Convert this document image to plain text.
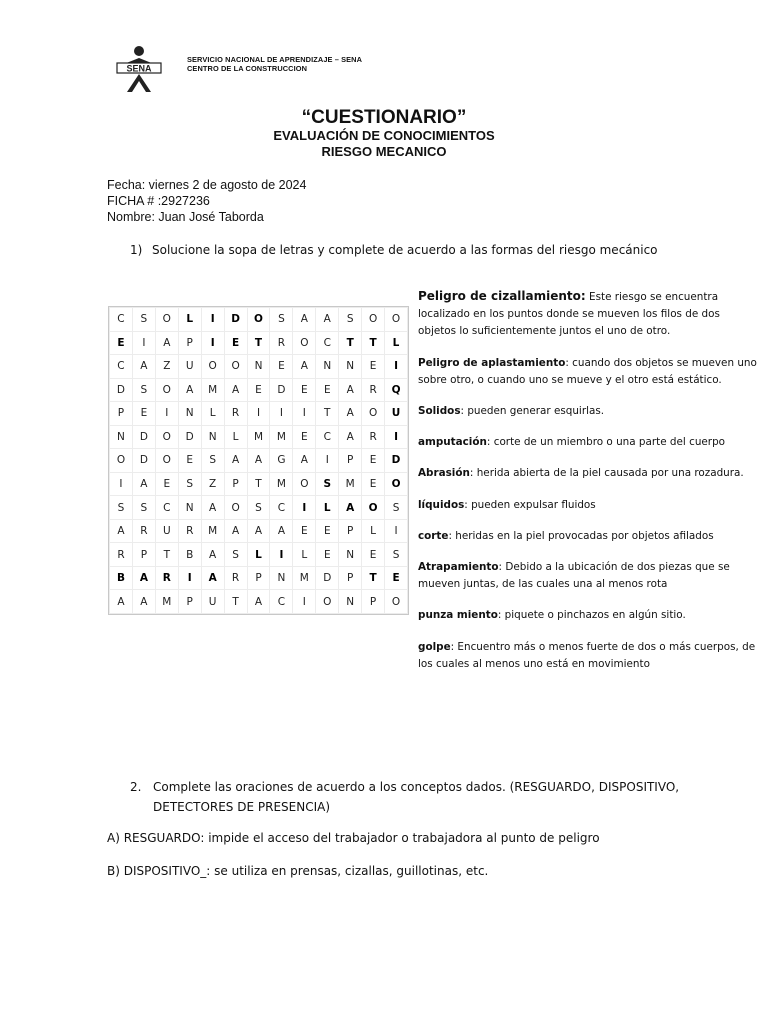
SENA
SERVICIO NACIONAL DE APRENDIZAJE – SENA
CENTRO DE LA CONSTRUCCION
“CUESTIONARIO”
EVALUACIÓN DE CONOCIMIENTOS
RIESGO MECANICO
Fecha: viernes 2 de agosto de 2024
FICHA # :2927236
Nombre: Juan José Taborda
1) Solucione la sopa de letras y complete de acuerdo a las formas del riesgo mecánico
C	S	O	L	I	D	O	S	A	A	S	O	O
E	I	A	P	I	E	T	R	O	C	T	T	L
C	A	Z	U	O	O	N	E	A	N	N	E	I
D	S	O	A	M	A	E	D	E	E	A	R	Q
P	E	I	N	L	R	I	I	I	T	A	O	U
N	D	O	D	N	L	M	M	E	C	A	R	I
O	D	O	E	S	A	A	G	A	I	P	E	D
I	A	E	S	Z	P	T	M	O	S	M	E	O
S	S	C	N	A	O	S	C	I	L	A	O	S
A	R	U	R	M	A	A	A	E	E	P	L	I
R	P	T	B	A	S	L	I	L	E	N	E	S
B	A	R	I	A	R	P	N	M	D	P	T	E
A	A	M	P	U	T	A	C	I	O	N	P	O

Peligro de cizallamiento: Este riesgo se encuentra localizado en los puntos donde se mueven los filos de dos objetos lo suficientemente juntos el uno de otro.

Peligro de aplastamiento: cuando dos objetos se mueven uno sobre otro, o cuando uno se mueve y el otro está estático.

Solidos: pueden generar esquirlas.

amputación: corte de un miembro o una parte del cuerpo

Abrasión: herida abierta de la piel causada por una rozadura.

líquidos: pueden expulsar fluidos

corte: heridas en la piel provocadas por objetos afilados

Atrapamiento: Debido a la ubicación de dos piezas que se mueven juntas, de las cuales una al menos rota

punza miento: piquete o pinchazos en algún sitio.

golpe: Encuentro más o menos fuerte de dos o más cuerpos, de los cuales al menos uno está en movimiento

2. Complete las oraciones de acuerdo a los conceptos dados. (RESGUARDO, DISPOSITIVO,
DETECTORES DE PRESENCIA)
A) RESGUARDO: impide el acceso del trabajador o trabajadora al punto de peligro
B) DISPOSITIVO_: se utiliza en prensas, cizallas, guillotinas, etc.
